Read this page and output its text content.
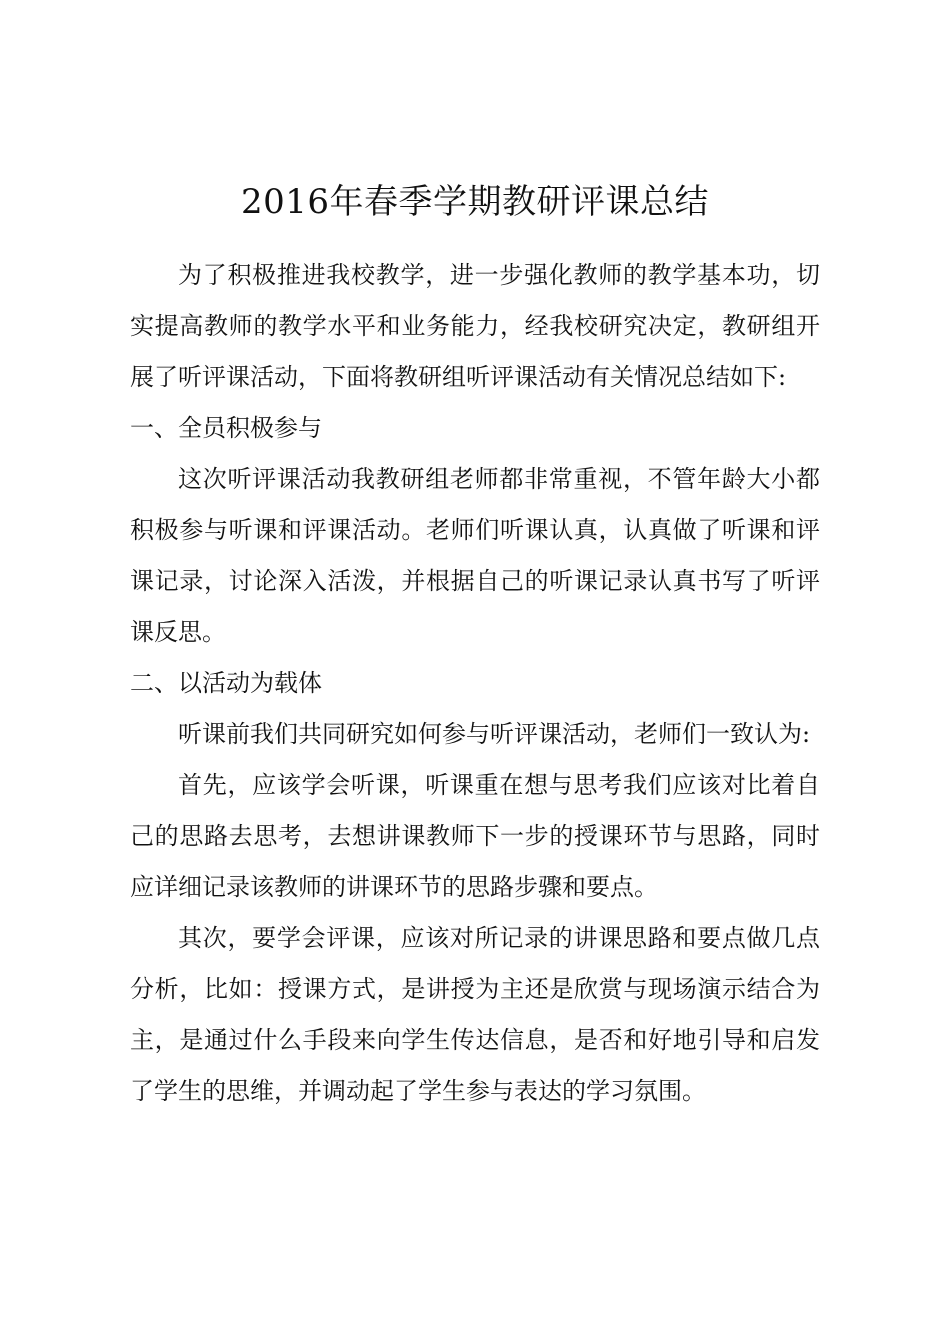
2016年春季学期教研评课总结

为了积极推进我校教学，进一步强化教师的教学基本功，切实提高教师的教学水平和业务能力，经我校研究决定，教研组开展了听评课活动，下面将教研组听评课活动有关情况总结如下:

一、全员积极参与

这次听评课活动我教研组老师都非常重视，不管年龄大小都积极参与听课和评课活动。老师们听课认真，认真做了听课和评课记录，讨论深入活泼，并根据自己的听课记录认真书写了听评课反思。

二、以活动为载体

听课前我们共同研究如何参与听评课活动，老师们一致认为:

首先，应该学会听课，听课重在想与思考我们应该对比着自己的思路去思考，去想讲课教师下一步的授课环节与思路，同时应详细记录该教师的讲课环节的思路步骤和要点。

其次，要学会评课，应该对所记录的讲课思路和要点做几点分析，比如：授课方式，是讲授为主还是欣赏与现场演示结合为主，是通过什么手段来向学生传达信息，是否和好地引导和启发了学生的思维，并调动起了学生参与表达的学习氛围。
